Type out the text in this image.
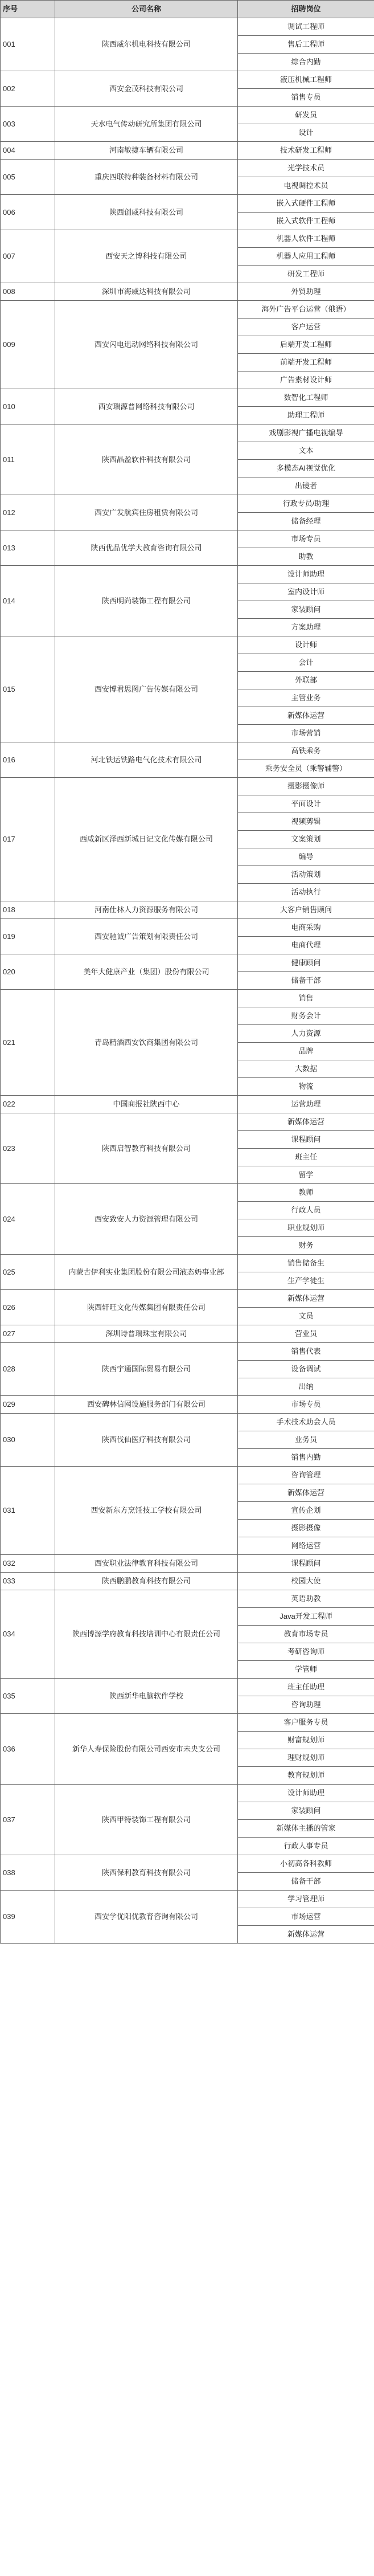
序号	公司名称	招聘岗位
001	陕西威尔机电科技有限公司	调试工程师
		售后工程师
		综合内勤
002	西安金茂科技有限公司	液压机械工程师
		销售专员
003	天水电气传动研究所集团有限公司	研发员
		设计
004	河南敏捷车辆有限公司	技术研发工程师
005	重庆四联特种装备材料有限公司	光学技术员
		电视调控术员
006	陕西创威科技有限公司	嵌入式硬件工程师
		嵌入式软件工程师
007	西安天之博科技有限公司	机器人软件工程师
		机器人应用工程师
		研发工程师
008	深圳市海威达科技有限公司	外贸助理
009	西安闪电迅动网络科技有限公司	海外广告平台运营（俄语）
		客户运营
		后端开发工程师
		前端开发工程师
		广告素材设计师
010	西安瑞源普网络科技有限公司	数智化工程师
		助理工程师
011	陕西晶盈软件科技有限公司	戏剧影视广播电视编导
		文本
		多模态AI视觉优化
		出镜者
012	西安广发航宾住房租赁有限公司	行政专员/助理
		储备经理
013	陕西优品优学大教育咨询有限公司	市场专员
		助教
014	陕西明尚装饰工程有限公司	设计师助理
		室内设计师
		家装顾问
		方案助理
015	西安博君思图广告传媒有限公司	设计师
		会计
		外联部
		主管业务
		新媒体运营
		市场营销
016	河北铁运铁路电气化技术有限公司	高铁乘务
		乘务安全员（乘警辅警）
017	西咸新区泽西新城日记文化传媒有限公司	摄影摄像师
		平面设计
		视频剪辑
		文案策划
		编导
		活动策划
		活动执行
018	河南仕林人力资源服务有限公司	大客户销售顾问
019	西安驰诚广告策划有限责任公司	电商采购
		电商代理
020	美年大健康产业（集团）股份有限公司	健康顾问
		储备干部
021	青岛精酒西安饮商集团有限公司	销售
		财务会计
		人力资源
		品牌
		大数据
		物流
022	中国商报社陕西中心	运营助理
023	陕西启智教育科技有限公司	新媒体运营
		课程顾问
		班主任
		留学
024	西安致安人力资源管理有限公司	教师
		行政人员
		职业规划师
		财务
025	内蒙古伊利实业集团股份有限公司液态奶事业部	销售储备生
		生产学徒生
026	陕西轩旺文化传媒集团有限责任公司	新媒体运营
		文员
027	深圳诗普瑞珠宝有限公司	营业员
028	陕西宇通国际贸易有限公司	销售代表
		设备调试
		出纳
029	西安碑林信网设施服务部门有限公司	市场专员
030	陕西伐仙医疗科技有限公司	手术技术助会人员
		业务员
		销售内勤
031	西安新东方烹饪技工学校有限公司	咨询管理
		新媒体运营
		宣传企划
		摄影摄像
		网络运营
032	西安职业法律教育科技有限公司	课程顾问
033	陕西鹏鹏教育科技有限公司	校园大使
034	陕西博源学府教育科技培训中心有限责任公司	英语助教
		Java开发工程师
		教育市场专员
		考研咨询师
		学管师
035	陕西新华电脑软件学校	班主任助理
		咨询助理
036	新华人寿保险股份有限公司西安市未央支公司	客户服务专员
		财富规划师
		理财规划师
		教育规划师
037	陕西甲特装饰工程有限公司	设计师助理
		家装顾问
		新媒体主播的管家
		行政人事专员
038	陕西保利教育科技有限公司	小初高各科教师
		储备干部
039	西安学优阳优教育咨询有限公司	学习管理师
		市场运营
		新媒体运营
